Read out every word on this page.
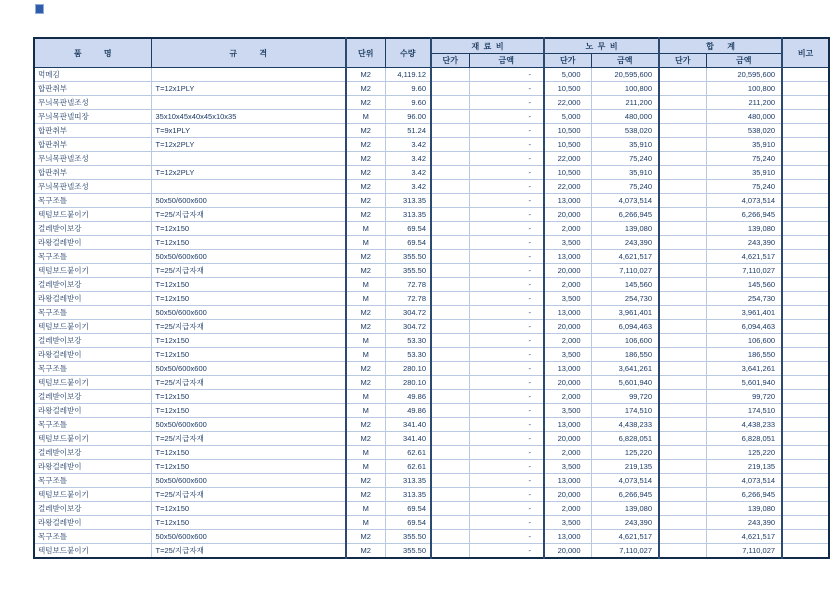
품          명	규          격	단위	수량	재  료  비		노  무  비		합      계		비고
				단가	금액	단가	금액	단가	금액	
먹메김		M2	4,119.12		-	5,000	20,595,600		20,595,600	
합판취부	T=12x1PLY	M2	9.60		-	10,500	100,800		100,800	
무늬목판넬조성		M2	9.60		-	22,000	211,200		211,200	
무늬목판넬띠장	35x10x45x40x45x10x35	M	96.00		-	5,000	480,000		480,000	
합판취부	T=9x1PLY	M2	51.24		-	10,500	538,020		538,020	
합판취부	T=12x2PLY	M2	3.42		-	10,500	35,910		35,910	
무늬목판넬조성		M2	3.42		-	22,000	75,240		75,240	
합판취부	T=12x2PLY	M2	3.42		-	10,500	35,910		35,910	
무늬목판넬조성		M2	3.42		-	22,000	75,240		75,240	
목구조틀	50x50/600x600	M2	313.35		-	13,000	4,073,514		4,073,514	
텍텀보드붙이기	T=25/지급자재	M2	313.35		-	20,000	6,266,945		6,266,945	
걸레받이보강	T=12x150	M	69.54		-	2,000	139,080		139,080	
라왕걸레받이	T=12x150	M	69.54		-	3,500	243,390		243,390	
목구조틀	50x50/600x600	M2	355.50		-	13,000	4,621,517		4,621,517	
텍텀보드붙이기	T=25/지급자재	M2	355.50		-	20,000	7,110,027		7,110,027	
걸레받이보강	T=12x150	M	72.78		-	2,000	145,560		145,560	
라왕걸레받이	T=12x150	M	72.78		-	3,500	254,730		254,730	
목구조틀	50x50/600x600	M2	304.72		-	13,000	3,961,401		3,961,401	
텍텀보드붙이기	T=25/지급자재	M2	304.72		-	20,000	6,094,463		6,094,463	
걸레받이보강	T=12x150	M	53.30		-	2,000	106,600		106,600	
라왕걸레받이	T=12x150	M	53.30		-	3,500	186,550		186,550	
목구조틀	50x50/600x600	M2	280.10		-	13,000	3,641,261		3,641,261	
텍텀보드붙이기	T=25/지급자재	M2	280.10		-	20,000	5,601,940		5,601,940	
걸레받이보강	T=12x150	M	49.86		-	2,000	99,720		99,720	
라왕걸레받이	T=12x150	M	49.86		-	3,500	174,510		174,510	
목구조틀	50x50/600x600	M2	341.40		-	13,000	4,438,233		4,438,233	
텍텀보드붙이기	T=25/지급자재	M2	341.40		-	20,000	6,828,051		6,828,051	
걸레받이보강	T=12x150	M	62.61		-	2,000	125,220		125,220	
라왕걸레받이	T=12x150	M	62.61		-	3,500	219,135		219,135	
목구조틀	50x50/600x600	M2	313.35		-	13,000	4,073,514		4,073,514	
텍텀보드붙이기	T=25/지급자재	M2	313.35		-	20,000	6,266,945		6,266,945	
걸레받이보강	T=12x150	M	69.54		-	2,000	139,080		139,080	
라왕걸레받이	T=12x150	M	69.54		-	3,500	243,390		243,390	
목구조틀	50x50/600x600	M2	355.50		-	13,000	4,621,517		4,621,517	
텍텀보드붙이기	T=25/지급자재	M2	355.50		-	20,000	7,110,027		7,110,027	
